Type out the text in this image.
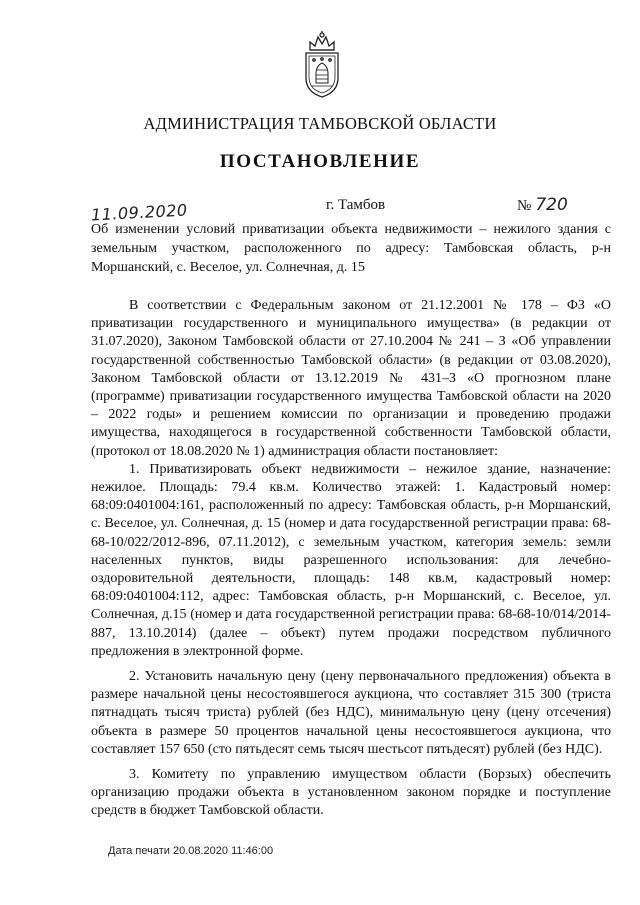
АДМИНИСТРАЦИЯ ТАМБОВСКОЙ ОБЛАСТИ
ПОСТАНОВЛЕНИЕ
11.09.2020	г. Тамбов	№ 720
Об изменении условий приватизации объекта недвижимости – нежилого здания с земельным участком, расположенного по адресу: Тамбовская область, р-н Моршанский, с. Веселое, ул. Солнечная, д. 15

В соответствии с Федеральным законом от 21.12.2001 № 178 – ФЗ «О приватизации государственного и муниципального имущества» (в редакции от 31.07.2020), Законом Тамбовской области от 27.10.2004 № 241 – З «Об управлении государственной собственностью Тамбовской области» (в редакции от 03.08.2020), Законом Тамбовской области от 13.12.2019 № 431–З «О прогнозном плане (программе) приватизации государственного имущества Тамбовской области на 2020 – 2022 годы» и решением комиссии по организации и проведению продажи имущества, находящегося в государственной собственности Тамбовской области, (протокол от 18.08.2020 № 1) администрация области постановляет:

1. Приватизировать объект недвижимости – нежилое здание, назначение: нежилое. Площадь: 79.4 кв.м. Количество этажей: 1. Кадастровый номер: 68:09:0401004:161, расположенный по адресу: Тамбовская область, р-н Моршанский, с. Веселое, ул. Солнечная, д. 15 (номер и дата государственной регистрации права: 68-68-10/022/2012-896, 07.11.2012), с земельным участком, категория земель: земли населенных пунктов, виды разрешенного использования: для лечебно-оздоровительной деятельности, площадь: 148 кв.м, кадастровый номер: 68:09:0401004:112, адрес: Тамбовская область, р-н Моршанский, с. Веселое, ул. Солнечная, д.15 (номер и дата государственной регистрации права: 68-68-10/014/2014-887, 13.10.2014) (далее – объект) путем продажи посредством публичного предложения в электронной форме.

2. Установить начальную цену (цену первоначального предложения) объекта в размере начальной цены несостоявшегося аукциона, что составляет 315 300 (триста пятнадцать тысяч триста) рублей (без НДС), минимальную цену (цену отсечения) объекта в размере 50 процентов начальной цены несостоявшегося аукциона, что составляет 157 650 (сто пятьдесят семь тысяч шестьсот пятьдесят) рублей (без НДС).

3. Комитету по управлению имуществом области (Борзых) обеспечить организацию продажи объекта в установленном законом порядке и поступление средств в бюджет Тамбовской области.

Дата печати 20.08.2020 11:46:00
